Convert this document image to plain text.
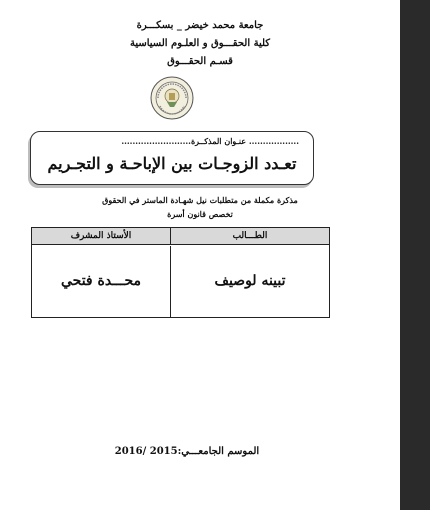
جامعة محمد خيضر _ بسكـــرة
كلية الحقـــوق و العلـوم السياسية
قسـم الحقـــوق
.................. عنـوان المذكــرة.........................
تعـدد الزوجـات بين الإباحـة و التجـريم
مذكرة مكملة من متطلبات نيل شهـادة الماستر في الحقوق
تخصص قانون أسرة
الطـــالب
الأستاذ المشرف
تبينه لوصيف
محـــدة فتحي
الموسم الجامعـــي:2015 /2016
